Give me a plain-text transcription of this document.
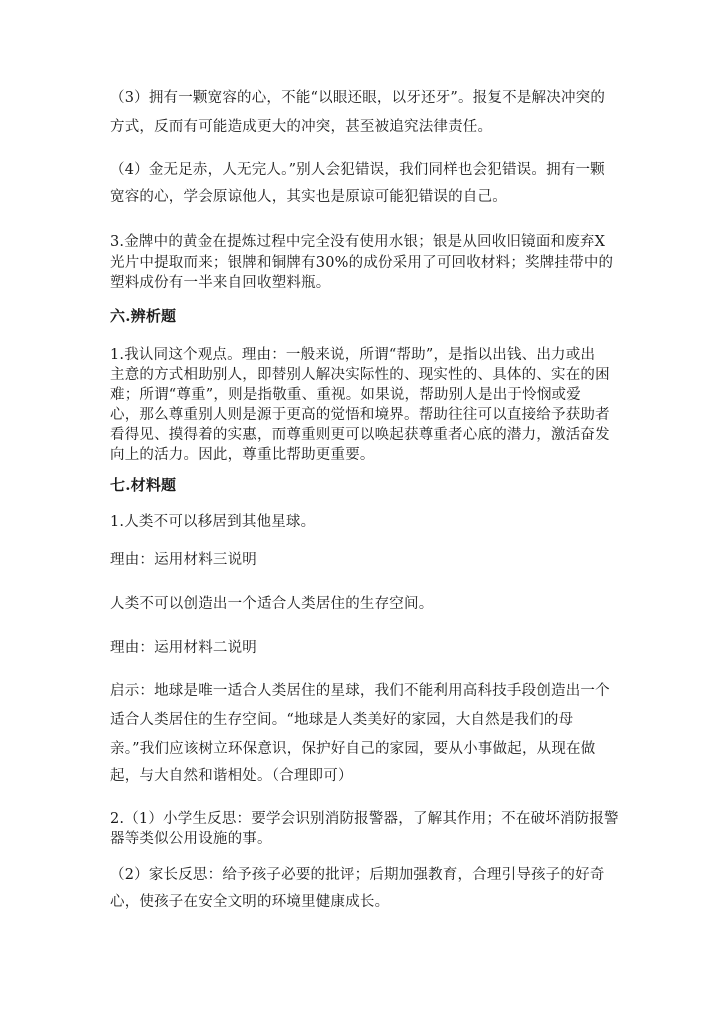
（3）拥有一颗宽容的心，不能“以眼还眼，以牙还牙”。报复不是解决冲突的
方式，反而有可能造成更大的冲突，甚至被追究法律责任。
（4）金无足赤，人无完人。”别人会犯错误，我们同样也会犯错误。拥有一颗
宽容的心，学会原谅他人，其实也是原谅可能犯错误的自己。
3.金牌中的黄金在提炼过程中完全没有使用水银；银是从回收旧镜面和废弃X
光片中提取而来；银牌和铜牌有30%的成份采用了可回收材料；奖牌挂带中的
塑料成份有一半来自回收塑料瓶。
六.辨析题
1.我认同这个观点。理由：一般来说，所谓“帮助”，是指以出钱、出力或出
主意的方式相助别人，即替别人解决实际性的、现实性的、具体的、实在的困
难；所谓“尊重”，则是指敬重、重视。如果说，帮助别人是出于怜悯或爱
心，那么尊重别人则是源于更高的觉悟和境界。帮助往往可以直接给予获助者
看得见、摸得着的实惠，而尊重则更可以唤起获尊重者心底的潜力，激活奋发
向上的活力。因此，尊重比帮助更重要。
七.材料题
1.人类不可以移居到其他星球。
理由：运用材料三说明
人类不可以创造出一个适合人类居住的生存空间。
理由：运用材料二说明
启示：地球是唯一适合人类居住的星球，我们不能利用高科技手段创造出一个
适合人类居住的生存空间。“地球是人类美好的家园，大自然是我们的母
亲。”我们应该树立环保意识，保护好自己的家园，要从小事做起，从现在做
起，与大自然和谐相处。（合理即可）
2.（1）小学生反思：要学会识别消防报警器，了解其作用；不在破坏消防报警
器等类似公用设施的事。
（2）家长反思：给予孩子必要的批评；后期加强教育，合理引导孩子的好奇
心，使孩子在安全文明的环境里健康成长。
